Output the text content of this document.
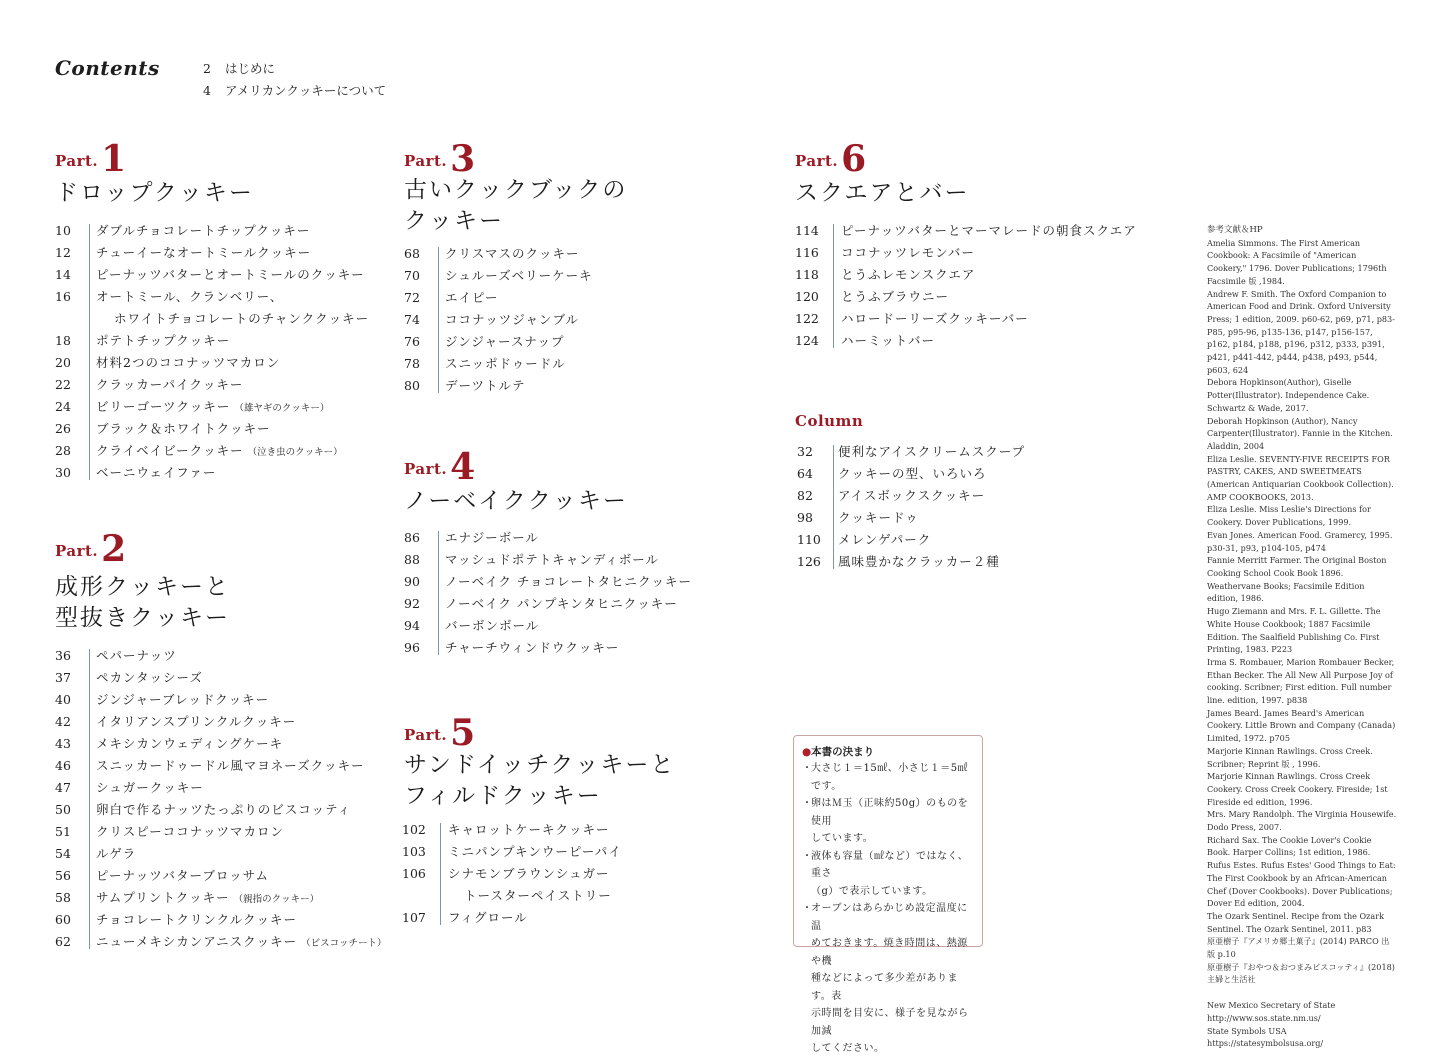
Contents	2 はじめに
4 アメリカンクッキーについて
Part.1
Part.2
Part.3
Part.4
Part.5
Part.6
ドロップクッキー
成形クッキーと
型抜きクッキー
古いクックブックの
クッキー
ノーベイククッキー
サンドイッチクッキーと
フィルドクッキー
スクエアとバー
10 ダブルチョコレートチップクッキー
12 チューイーなオートミールクッキー
14 ピーナッツバターとオートミールのクッキー
16 オートミール、クランベリー、
ホワイトチョコレートのチャンククッキー
18 ポテトチップクッキー
20 材料2つのココナッツマカロン
22 クラッカーパイクッキー
24 ビリーゴーツクッキー （雄ヤギのクッキー）
26 ブラック＆ホワイトクッキー
28 クライベイビークッキー （泣き虫のクッキー）
30 ベーニウェイファー
36 ペパーナッツ
37 ペカンタッシーズ
40 ジンジャーブレッドクッキー
42 イタリアンスプリンクルクッキー
43 メキシカンウェディングケーキ
46 スニッカードゥードル風マヨネーズクッキー
47 シュガークッキー
50 卵白で作るナッツたっぷりのビスコッティ
51 クリスピーココナッツマカロン
54 ルゲラ
56 ピーナッツバターブロッサム
58 サムプリントクッキー （親指のクッキー）
60 チョコレートクリンクルクッキー
62 ニューメキシカンアニスクッキー （ビスコッチート）
68 クリスマスのクッキー
70 シュルーズベリーケーキ
72 エイピー
74 ココナッツジャンブル
76 ジンジャースナップ
78 スニッポドゥードル
80 デーツトルテ
86 エナジーボール
88 マッシュドポテトキャンディボール
90 ノーベイク チョコレートタヒニクッキー
92 ノーベイク パンプキンタヒニクッキー
94 バーボンボール
96 チャーチウィンドウクッキー
102 キャロットケーキクッキー
103 ミニパンプキンウーピーパイ
106 シナモンブラウンシュガー
トースターペイストリー
107 フィグロール
114 ピーナッツバターとマーマレードの朝食スクエア
116 ココナッツレモンバー
118 とうふレモンスクエア
120 とうふブラウニー
122 ハロードーリーズクッキーバー
124 ハーミットバー
Column
32 便利なアイスクリームスクープ
64 クッキーの型、いろいろ
82 アイスボックスクッキー
98 クッキードゥ
110 メレンゲパーク
126 風味豊かなクラッカー２種
●本書の決まり
・
大さじ１＝15㎖、小さじ１＝5㎖です。
・
卵はＭ玉（正味約50g）のものを使用
しています。
・
液体も容量（㎖など）ではなく、重さ
（g）で表示しています。
・
オーブンはあらかじめ設定温度に温
めておきます。焼き時間は、熱源や機
種などによって多少差があります。表
示時間を目安に、様子を見ながら加減
してください。

参考文献＆HP

Amelia Simmons. The First American Cookbook: A Facsimile of "American Cookery," 1796. Dover Publications; 1796th Facsimile 版 ,1984.

Andrew F. Smith. The Oxford Companion to American Food and Drink. Oxford University Press; 1 edition, 2009. p60-62, p69, p71, p83-P85, p95-96, p135-136, p147, p156-157, p162, p184, p188, p196, p312, p333, p391, p421, p441-442, p444, p438, p493, p544, p603, 624

Debora Hopkinson(Author), Giselle Potter(Illustrator). Independence Cake. Schwartz & Wade, 2017.

Deborah Hopkinson (Author), Nancy Carpenter(Illustrator). Fannie in the Kitchen. Aladdin, 2004

Eliza Leslie. SEVENTY-FIVE RECEIPTS FOR PASTRY, CAKES, AND SWEETMEATS (American Antiquarian Cookbook Collection). AMP COOKBOOKS, 2013.

Eliza Leslie. Miss Leslie's Directions for Cookery. Dover Publications, 1999.

Evan Jones. American Food. Gramercy, 1995. p30-31, p93, p104-105, p474

Fannie Merritt Farmer. The Original Boston Cooking School Cook Book 1896. Weathervane Books; Facsimile Edition edition, 1986.

Hugo Ziemann and Mrs. F. L. Gillette. The White House Cookbook; 1887 Facsimile Edition. The Saalfield Publishing Co. First Printing, 1983. P223

Irma S. Rombauer, Marion Rombauer Becker, Ethan Becker. The All New All Purpose Joy of cooking. Scribner; First edition. Full number line. edition, 1997. p838

James Beard. James Beard's American Cookery. Little Brown and Company (Canada) Limited, 1972. p705

Marjorie Kinnan Rawlings. Cross Creek. Scribner; Reprint 版 , 1996.

Marjorie Kinnan Rawlings. Cross Creek Cookery. Cross Creek Cookery. Fireside; 1st Fireside ed edition, 1996.

Mrs. Mary Randolph. The Virginia Housewife. Dodo Press, 2007.

Richard Sax. The Cookie Lover's Cookie Book. Harper Collins; 1st edition, 1986.

Rufus Estes. Rufus Estes' Good Things to Eat: The First Cookbook by an African-American Chef (Dover Cookbooks). Dover Publications; Dover Ed edition, 2004.

The Ozark Sentinel. Recipe from the Ozark Sentinel. The Ozark Sentinel, 2011. p83

原亜樹子『アメリカ郷土菓子』(2014) PARCO 出版 p.10

原亜樹子『おやつ＆おつまみビスコッティ』(2018) 主婦と生活社

New Mexico Secretary of State

http://www.sos.state.nm.us/

State Symbols USA https://statesymbolsusa.org/
